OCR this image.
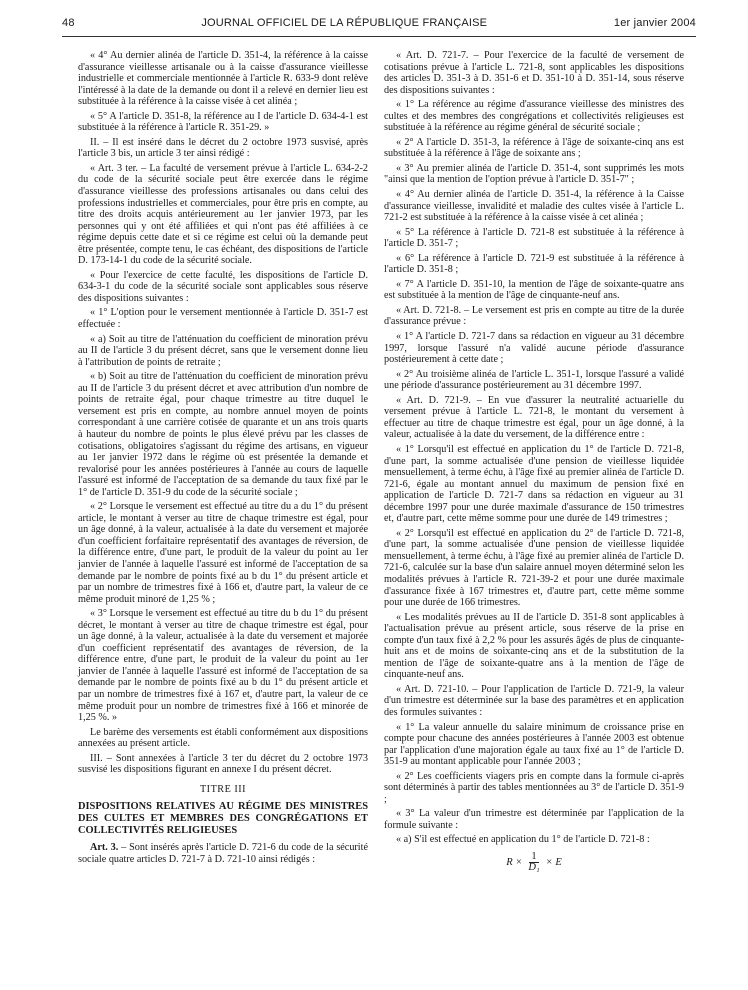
48	JOURNAL OFFICIEL DE LA RÉPUBLIQUE FRANÇAISE	1er janvier 2004

« 4° Au dernier alinéa de l'article D. 351-4, la référence à la caisse d'assurance vieillesse artisanale ou à la caisse d'assurance vieillesse industrielle et commerciale mentionnée à l'article R. 633-9 dont relève l'intéressé à la date de la demande ou dont il a relevé en dernier lieu est substituée à la référence à la caisse visée à cet alinéa ;

« 5° A l'article D. 351-8, la référence au I de l'article D. 634-4-1 est substituée à la référence à l'article R. 351-29. »

II. – Il est inséré dans le décret du 2 octobre 1973 susvisé, après l'article 3 bis, un article 3 ter ainsi rédigé :

« Art. 3 ter. – La faculté de versement prévue à l'article L. 634-2-2 du code de la sécurité sociale peut être exercée dans le régime d'assurance vieillesse des professions artisanales ou dans celui des professions industrielles et commerciales, pour être pris en compte, au titre des droits acquis antérieurement au 1er janvier 1973, par les personnes qui y ont été affiliées et qui n'ont pas été affiliées à ce régime depuis cette date et si ce régime est celui où la demande peut être présentée, compte tenu, le cas échéant, des dispositions de l'article D. 173-14-1 du code de la sécurité sociale.

« Pour l'exercice de cette faculté, les dispositions de l'article D. 634-3-1 du code de la sécurité sociale sont applicables sous réserve des dispositions suivantes :

« 1° L'option pour le versement mentionnée à l'article D. 351-7 est effectuée :

« a) Soit au titre de l'atténuation du coefficient de minoration prévu au II de l'article 3 du présent décret, sans que le versement donne lieu à l'attribution de points de retraite ;

« b) Soit au titre de l'atténuation du coefficient de minoration prévu au II de l'article 3 du présent décret et avec attribution d'un nombre de points de retraite égal, pour chaque trimestre au titre duquel le versement est pris en compte, au nombre annuel moyen de points correspondant à une carrière cotisée de quarante et un ans trois quarts à hauteur du nombre de points le plus élevé prévu par les classes de cotisations, obligatoires s'agissant du régime des artisans, en vigueur au 1er janvier 1972 dans le régime où est présentée la demande et revalorisé pour les années postérieures à l'année au cours de laquelle l'assuré est informé de l'acceptation de sa demande du taux fixé par le 1° de l'article D. 351-9 du code de la sécurité sociale ;

« 2° Lorsque le versement est effectué au titre du a du 1° du présent article, le montant à verser au titre de chaque trimestre est égal, pour un âge donné, à la valeur, actualisée à la date du versement et majorée d'un coefficient forfaitaire représentatif des avantages de réversion, de la différence entre, d'une part, le produit de la valeur du point au 1er janvier de l'année à laquelle l'assuré est informé de l'acceptation de sa demande par le nombre de points fixé au b du 1° du présent article et par un nombre de trimestres fixé à 166 et, d'autre part, la valeur de ce même produit minoré de 1,25 % ;

« 3° Lorsque le versement est effectué au titre du b du 1° du présent décret, le montant à verser au titre de chaque trimestre est égal, pour un âge donné, à la valeur, actualisée à la date du versement et majorée d'un coefficient représentatif des avantages de réversion, de la différence entre, d'une part, le produit de la valeur du point au 1er janvier de l'année à laquelle l'assuré est informé de l'acceptation de sa demande par le nombre de points fixé au b du 1° du présent article et par un nombre de trimestres fixé à 167 et, d'autre part, la valeur de ce même produit pour un nombre de trimestres fixé à 166 et minorée de 1,25 %. »

Le barème des versements est établi conformément aux dispositions annexées au présent article.

III. – Sont annexées à l'article 3 ter du décret du 2 octobre 1973 susvisé les dispositions figurant en annexe I du présent décret.

TITRE III

DISPOSITIONS RELATIVES AU RÉGIME DES MINISTRES DES CULTES ET MEMBRES DES CONGRÉGATIONS ET COLLECTIVITÉS RELIGIEUSES

Art. 3. – Sont insérés après l'article D. 721-6 du code de la sécurité sociale quatre articles D. 721-7 à D. 721-10 ainsi rédigés :

« Art. D. 721-7. – Pour l'exercice de la faculté de versement de cotisations prévue à l'article L. 721-8, sont applicables les dispositions des articles D. 351-3 à D. 351-6 et D. 351-10 à D. 351-14, sous réserve des dispositions suivantes :

« 1° La référence au régime d'assurance vieillesse des ministres des cultes et des membres des congrégations et collectivités religieuses est substituée à la référence au régime général de sécurité sociale ;

« 2° A l'article D. 351-3, la référence à l'âge de soixante-cinq ans est substituée à la référence à l'âge de soixante ans ;

« 3° Au premier alinéa de l'article D. 351-4, sont supprimés les mots "ainsi que la mention de l'option prévue à l'article D. 351-7" ;

« 4° Au dernier alinéa de l'article D. 351-4, la référence à la Caisse d'assurance vieillesse, invalidité et maladie des cultes visée à l'article L. 721-2 est substituée à la référence à la caisse visée à cet alinéa ;

« 5° La référence à l'article D. 721-8 est substituée à la référence à l'article D. 351-7 ;

« 6° La référence à l'article D. 721-9 est substituée à la référence à l'article D. 351-8 ;

« 7° A l'article D. 351-10, la mention de l'âge de soixante-quatre ans est substituée à la mention de l'âge de cinquante-neuf ans.

« Art. D. 721-8. – Le versement est pris en compte au titre de la durée d'assurance prévue :

« 1° A l'article D. 721-7 dans sa rédaction en vigueur au 31 décembre 1997, lorsque l'assuré n'a validé aucune période d'assurance postérieurement à cette date ;

« 2° Au troisième alinéa de l'article L. 351-1, lorsque l'assuré a validé une période d'assurance postérieurement au 31 décembre 1997.

« Art. D. 721-9. – En vue d'assurer la neutralité actuarielle du versement prévue à l'article L. 721-8, le montant du versement à effectuer au titre de chaque trimestre est égal, pour un âge donné, à la valeur, actualisée à la date du versement, de la différence entre :

« 1° Lorsqu'il est effectué en application du 1° de l'article D. 721-8, d'une part, la somme actualisée d'une pension de vieillesse liquidée mensuellement, à terme échu, à l'âge fixé au premier alinéa de l'article D. 721-6, égale au montant annuel du maximum de pension fixé en application de l'article D. 721-7 dans sa rédaction en vigueur au 31 décembre 1997 pour une durée maximale d'assurance de 150 trimestres et, d'autre part, cette même somme pour une durée de 149 trimestres ;

« 2° Lorsqu'il est effectué en application du 2° de l'article D. 721-8, d'une part, la somme actualisée d'une pension de vieillesse liquidée mensuellement, à terme échu, à l'âge fixé au premier alinéa de l'article D. 721-6, calculée sur la base d'un salaire annuel moyen déterminé selon les modalités prévues à l'article R. 721-39-2 et pour une durée maximale d'assurance fixée à 167 trimestres et, d'autre part, cette même somme pour une durée de 166 trimestres.

« Les modalités prévues au II de l'article D. 351-8 sont applicables à l'actualisation prévue au présent article, sous réserve de la prise en compte d'un taux fixé à 2,2 % pour les assurés âgés de plus de cinquante-huit ans et de moins de soixante-cinq ans et de la substitution de la mention de l'âge de soixante-quatre ans à la mention de l'âge de cinquante-neuf ans.

« Art. D. 721-10. – Pour l'application de l'article D. 721-9, la valeur d'un trimestre est déterminée sur la base des paramètres et en application des formules suivantes :

« 1° La valeur annuelle du salaire minimum de croissance prise en compte pour chacune des années postérieures à l'année 2003 est obtenue par l'application d'une majoration égale au taux fixé au 1° de l'article D. 351-9 au montant applicable pour l'année 2003 ;

« 2° Les coefficients viagers pris en compte dans la formule ci-après sont déterminés à partir des tables mentionnées au 3° de l'article D. 351-9 ;

« 3° La valeur d'un trimestre est déterminée par l'application de la formule suivante :

« a) S'il est effectué en application du 1° de l'article D. 721-8 :

$R \times \frac{1}{\text{D₁}} \times E$
